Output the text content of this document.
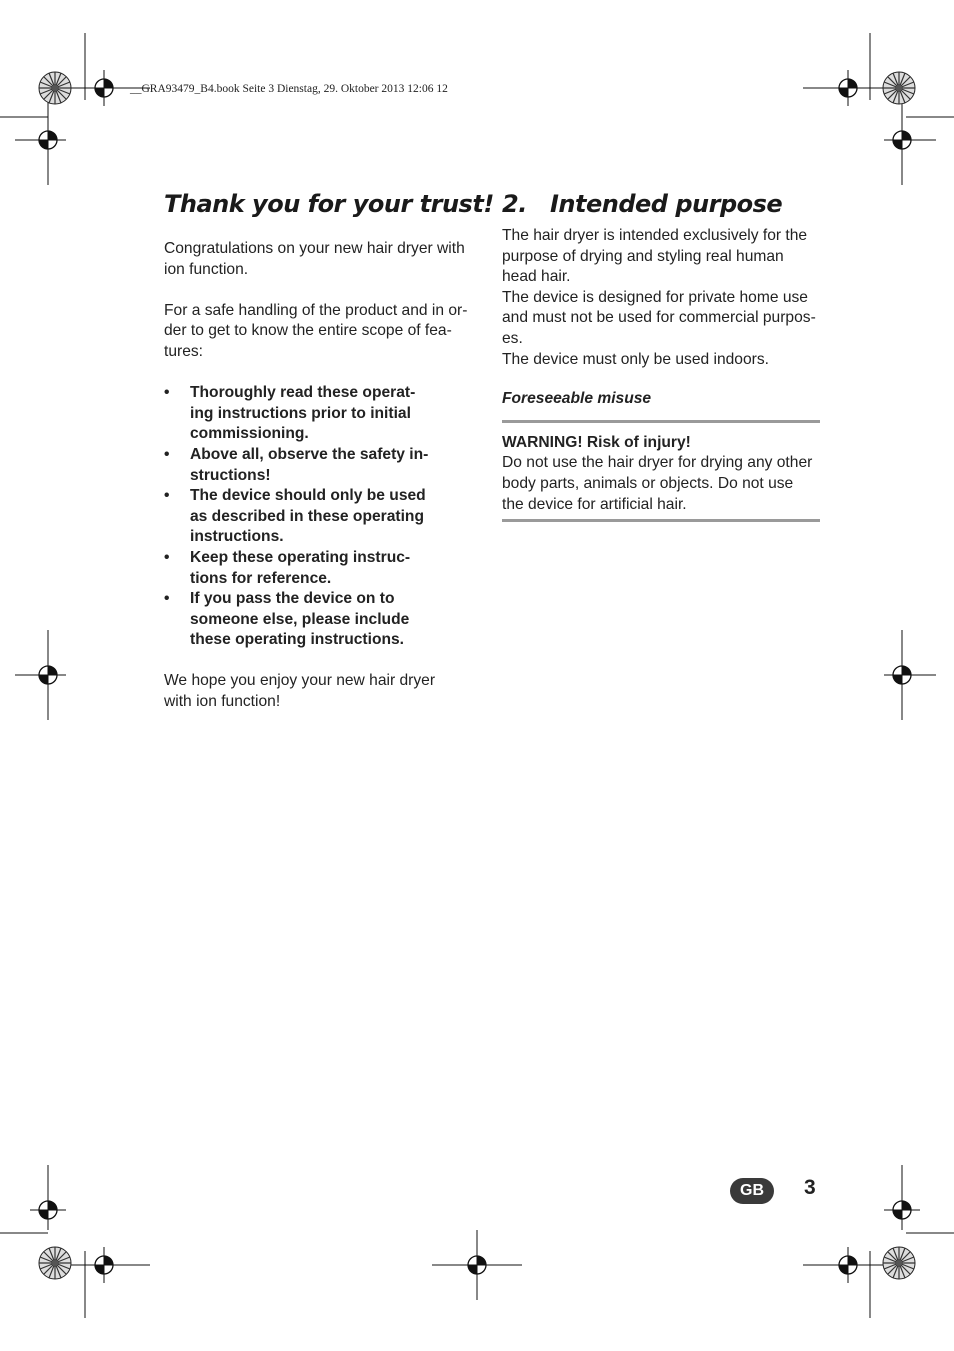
__GRA93479_B4.book Seite 3 Dienstag, 29. Oktober 2013 12:06 12
Thank you for your trust!

Congratulations on your new hair dryer with
ion function.

For a safe handling of the product and in or-
der to get to know the entire scope of fea-
tures:

• Thoroughly read these operat-
ing instructions prior to initial
commissioning.
• Above all, observe the safety in-
structions!
• The device should only be used
as described in these operating
instructions.
• Keep these operating instruc-
tions for reference.
• If you pass the device on to
someone else, please include
these operating instructions.

We hope you enjoy your new hair dryer
with ion function!

2. Intended purpose

The hair dryer is intended exclusively for the
purpose of drying and styling real human
head hair.
The device is designed for private home use
and must not be used for commercial purpos-
es.
The device must only be used indoors.

Foreseeable misuse

WARNING! Risk of injury!

Do not use the hair dryer for drying any other
body parts, animals or objects. Do not use
the device for artificial hair.

GB	3
